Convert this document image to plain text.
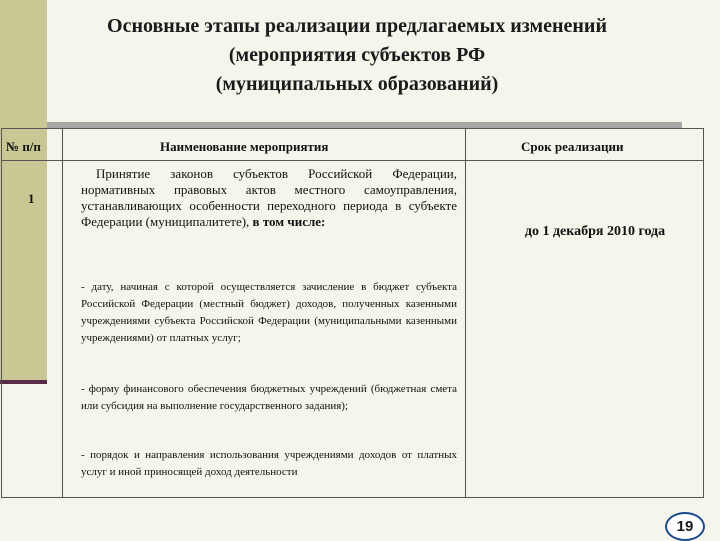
Основные этапы реализации предлагаемых изменений
(мероприятия субъектов РФ
(муниципальных образований)
№ п/п	Наименование мероприятия	Срок реализации
1
Принятие законов субъектов Российской Федерации, нормативных правовых актов местного самоуправления, устанавливающих особенности переходного периода в субъекте Федерации (муниципалитете), в том числе:
- дату, начиная с которой осуществляется зачисление в бюджет субъекта Российской Федерации (местный бюджет) доходов, полученных казенными учреждениями субъекта Российской Федерации (муниципальными казенными учреждениями) от платных услуг;
- форму финансового обеспечения бюджетных учреждений (бюджетная смета или субсидия на выполнение государственного задания);
- порядок и направления использования учреждениями доходов от платных услуг и иной приносящей доход деятельности
до 1 декабря 2010 года
19
